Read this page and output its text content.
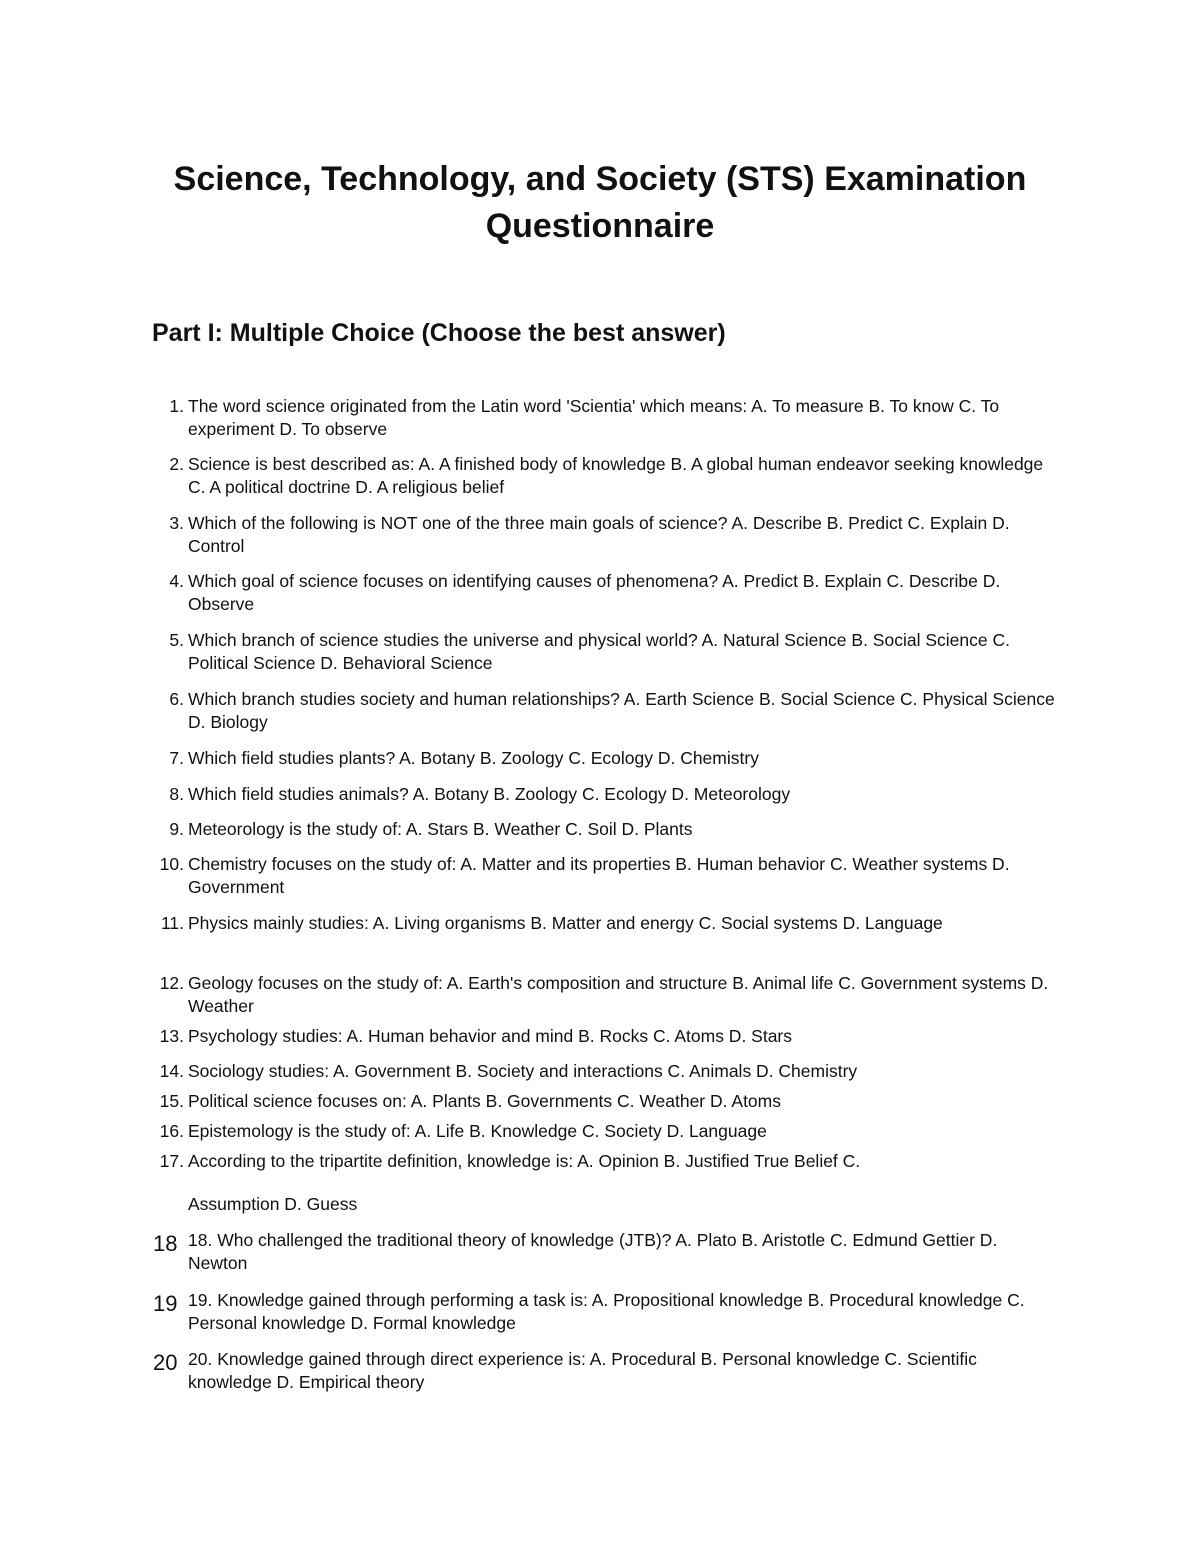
Science, Technology, and Society (STS) Examination Questionnaire
Part I: Multiple Choice (Choose the best answer)
1. The word science originated from the Latin word 'Scientia' which means: A. To measure B. To know C. To experiment D. To observe
2. Science is best described as: A. A finished body of knowledge B. A global human endeavor seeking knowledge C. A political doctrine D. A religious belief
3. Which of the following is NOT one of the three main goals of science? A. Describe B. Predict C. Explain D. Control
4. Which goal of science focuses on identifying causes of phenomena? A. Predict B. Explain C. Describe D. Observe
5. Which branch of science studies the universe and physical world? A. Natural Science B. Social Science C. Political Science D. Behavioral Science
6. Which branch studies society and human relationships? A. Earth Science B. Social Science C. Physical Science D. Biology
7. Which field studies plants? A. Botany B. Zoology C. Ecology D. Chemistry
8. Which field studies animals? A. Botany B. Zoology C. Ecology D. Meteorology
9. Meteorology is the study of: A. Stars B. Weather C. Soil D. Plants
10. Chemistry focuses on the study of: A. Matter and its properties B. Human behavior C. Weather systems D. Government
11. Physics mainly studies: A. Living organisms B. Matter and energy C. Social systems D. Language
12. Geology focuses on the study of: A. Earth's composition and structure B. Animal life C. Government systems D. Weather
13. Psychology studies: A. Human behavior and mind B. Rocks C. Atoms D. Stars
14. Sociology studies: A. Government B. Society and interactions C. Animals D. Chemistry
15. Political science focuses on: A. Plants B. Governments C. Weather D. Atoms
16. Epistemology is the study of: A. Life B. Knowledge C. Society D. Language
17. According to the tripartite definition, knowledge is: A. Opinion B. Justified True Belief C.
Assumption D. Guess
18 18. Who challenged the traditional theory of knowledge (JTB)? A. Plato B. Aristotle C. Edmund Gettier D. Newton
19 19. Knowledge gained through performing a task is: A. Propositional knowledge B. Procedural knowledge C. Personal knowledge D. Formal knowledge
20 20. Knowledge gained through direct experience is: A. Procedural B. Personal knowledge C. Scientific knowledge D. Empirical theory
